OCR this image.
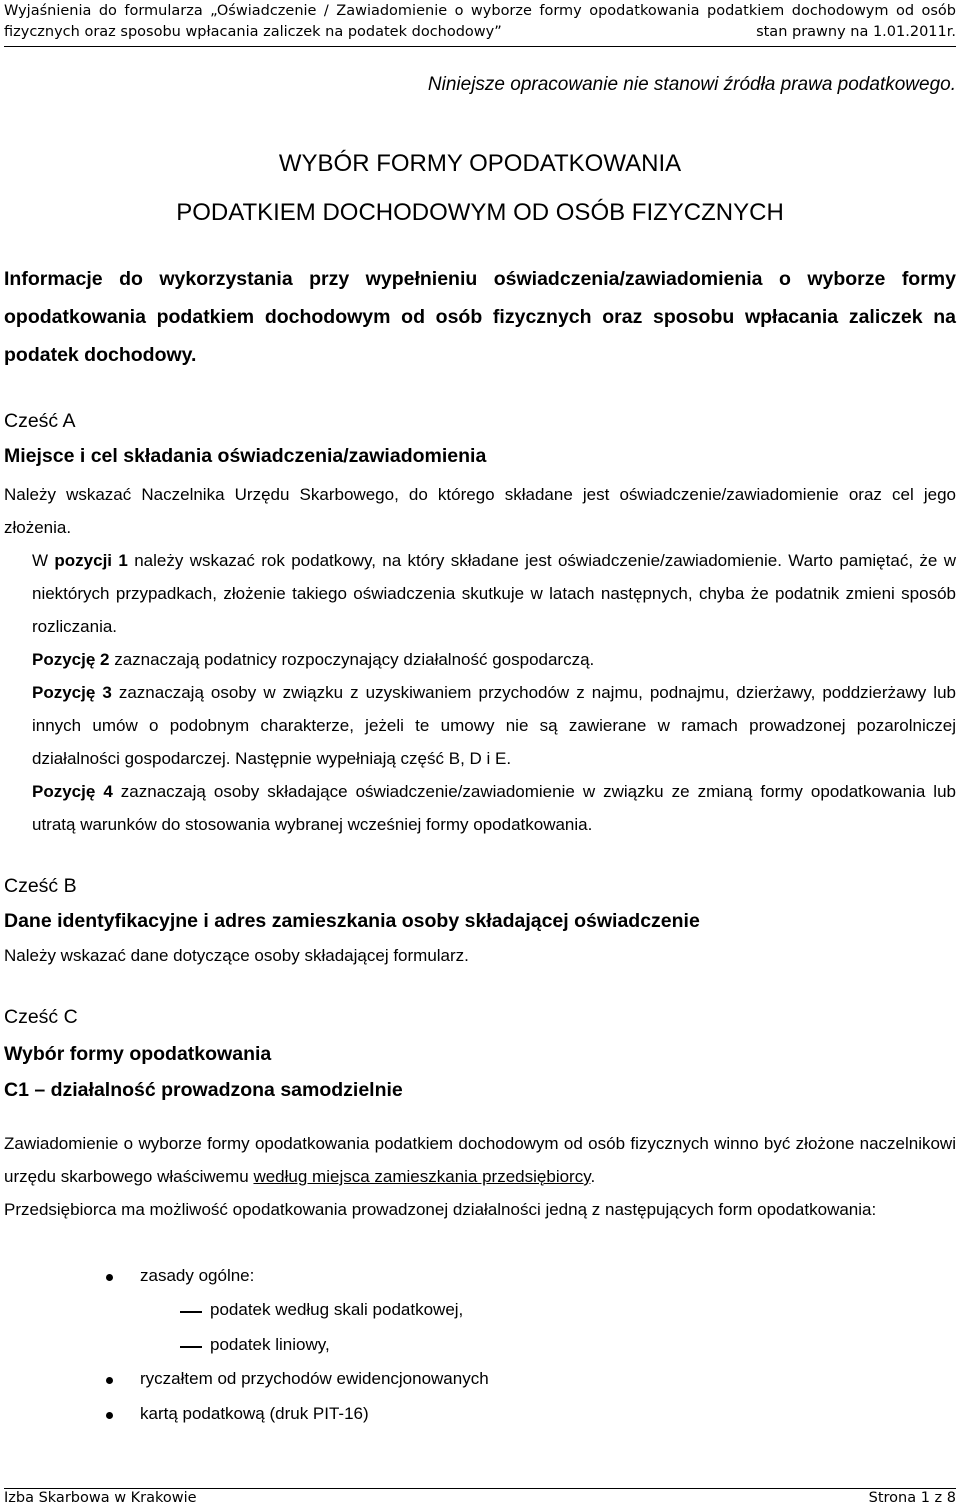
Wyjaśnienia do formularza „Oświadczenie / Zawiadomienie o wyborze formy opodatkowania podatkiem dochodowym od osób
fizycznych oraz sposobu wpłacania zaliczek na podatek dochodowy”	stan prawny na 1.01.2011r.
Niniejsze opracowanie nie stanowi źródła prawa podatkowego.
WYBÓR FORMY OPODATKOWANIA
PODATKIEM DOCHODOWYM OD OSÓB FIZYCZNYCH
Informacje do wykorzystania przy wypełnieniu oświadczenia/zawiadomienia o wyborze formy opodatkowania podatkiem dochodowym od osób fizycznych oraz sposobu wpłacania zaliczek na podatek dochodowy.
Cześć A
Miejsce i cel składania oświadczenia/zawiadomienia
Należy wskazać Naczelnika Urzędu Skarbowego, do którego składane jest oświadczenie/zawiadomienie oraz cel jego złożenia.
W pozycji 1 należy wskazać rok podatkowy, na który składane jest oświadczenie/zawiadomienie. Warto pamiętać, że w niektórych przypadkach, złożenie takiego oświadczenia skutkuje w latach następnych, chyba że podatnik zmieni sposób rozliczania.
Pozycję 2 zaznaczają podatnicy rozpoczynający działalność gospodarczą.
Pozycję 3 zaznaczają osoby w związku z uzyskiwaniem przychodów z najmu, podnajmu, dzierżawy, poddzierżawy lub innych umów o podobnym charakterze, jeżeli te umowy nie są zawierane w ramach prowadzonej pozarolniczej działalności gospodarczej. Następnie wypełniają część B, D i E.
Pozycję 4 zaznaczają osoby składające oświadczenie/zawiadomienie w związku ze zmianą formy opodatkowania lub utratą warunków do stosowania wybranej wcześniej formy opodatkowania.
Cześć B
Dane identyfikacyjne i adres zamieszkania osoby składającej oświadczenie
Należy wskazać dane dotyczące osoby składającej formularz.
Cześć C
Wybór formy opodatkowania
C1 – działalność prowadzona samodzielnie
Zawiadomienie o wyborze formy opodatkowania podatkiem dochodowym od osób fizycznych winno być złożone naczelnikowi urzędu skarbowego właściwemu według miejsca zamieszkania przedsiębiorcy.
Przedsiębiorca ma możliwość opodatkowania prowadzonej działalności jedną z następujących form opodatkowania:
zasady ogólne:
podatek według skali podatkowej,
podatek liniowy,
ryczałtem od przychodów ewidencjonowanych
kartą podatkową (druk PIT-16)
Izba Skarbowa w Krakowie	Strona 1 z 8
